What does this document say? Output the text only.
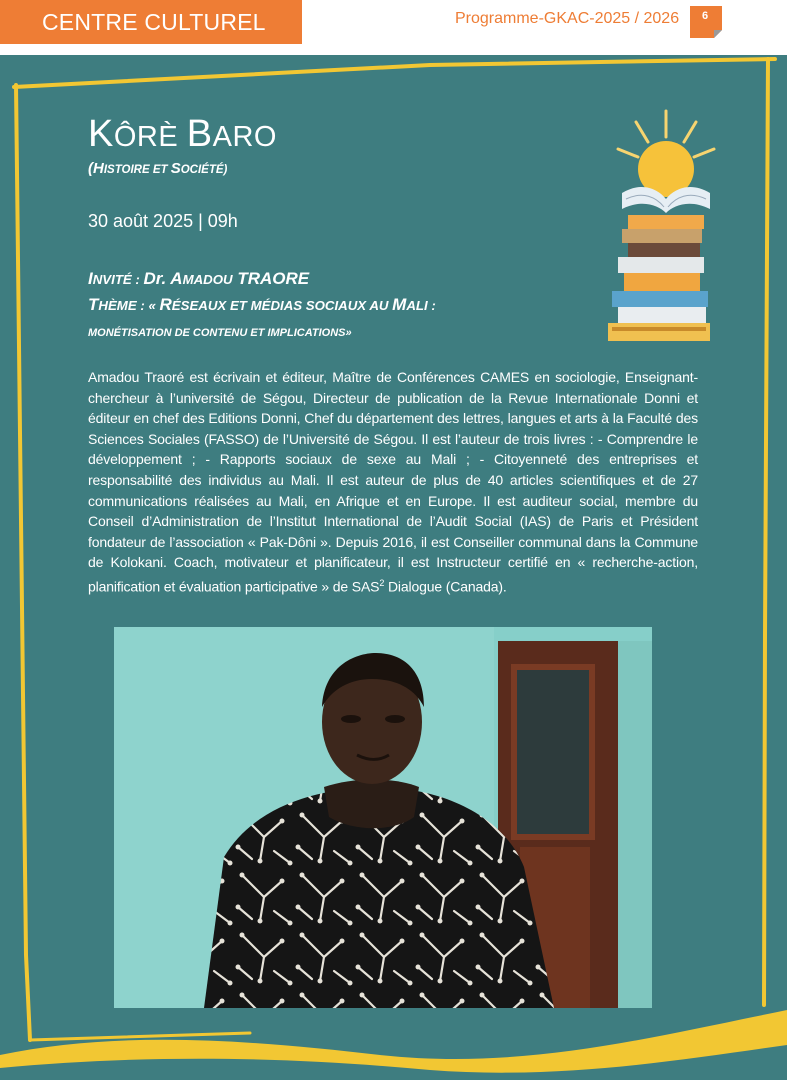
CENTRE CULTUREL	Programme-GKAC-2025 / 2026 6
KÔRÈ BARO
(HISTOIRE ET SOCIÉTÉ)
30 août 2025 | 09h
INVITÉ : Dr. AMADOU TRAORE
THÈME : « RÉSEAUX ET MÉDIAS SOCIAUX AU MALI :
MONÉTISATION DE CONTENU ET IMPLICATIONS»
Amadou Traoré est écrivain et éditeur, Maître de Conférences CAMES en sociologie, Enseignant-chercheur à l’université de Ségou, Directeur de publication de la Revue Internationale Donni et éditeur en chef des Editions Donni, Chef du département des lettres, langues et arts à la Faculté des Sciences Sociales (FASSO) de l’Université de Ségou. Il est l’auteur de trois livres : - Comprendre le développement ; - Rapports sociaux de sexe au Mali ; - Citoyenneté des entreprises et responsabilité des individus au Mali. Il est auteur de plus de 40 articles scientifiques et de 27 communications réalisées au Mali, en Afrique et en Europe. Il est auditeur social, membre du Conseil d’Administration de l’Institut International de l’Audit Social (IAS) de Paris et Président fondateur de l’association « Pak-Dôni ». Depuis 2016, il est Conseiller communal dans la Commune de Kolokani. Coach, motivateur et planificateur, il est Instructeur certifié en « recherche-action, planification et évaluation participative » de SAS$^2$ Dialogue (Canada).
